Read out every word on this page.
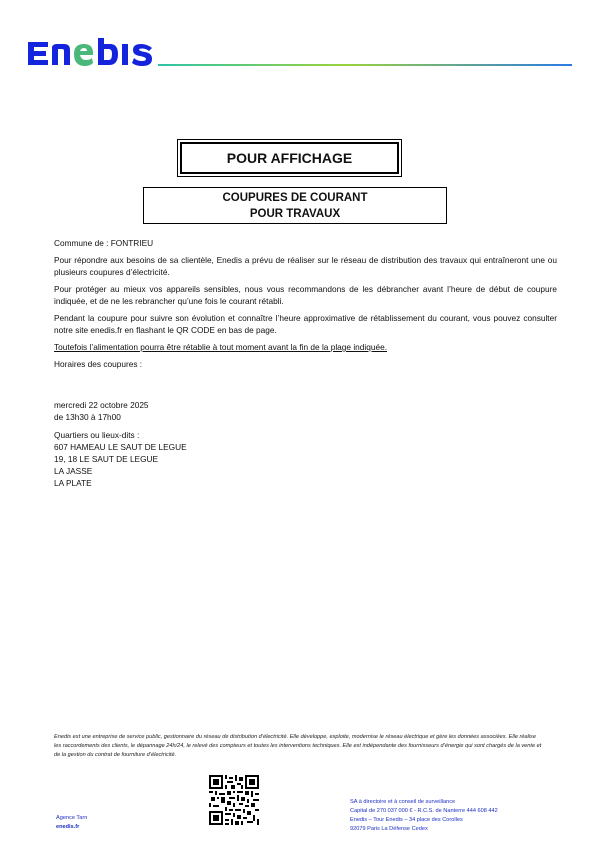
POUR AFFICHAGE
COUPURES DE COURANT
POUR TRAVAUX

Commune de : FONTRIEU

Pour répondre aux besoins de sa clientèle, Enedis a prévu de réaliser sur le réseau de distribution des travaux qui entraîneront une ou plusieurs coupures d’électricité.

Pour protéger au mieux vos appareils sensibles, nous vous recommandons de les débrancher avant l’heure de début de coupure indiquée, et de ne les rebrancher qu’une fois le courant rétabli.

Pendant la coupure pour suivre son évolution et connaître l’heure approximative de rétablissement du courant, vous pouvez consulter notre site enedis.fr en flashant le QR CODE en bas de page.

Toutefois l’alimentation pourra être rétablie à tout moment avant la fin de la plage indiquée.

Horaires des coupures :

mercredi 22 octobre 2025
de 13h30 à 17h00
Quartiers ou lieux-dits :
607 HAMEAU LE SAUT DE LEGUE
19, 18 LE SAUT DE LEGUE
LA JASSE
LA PLATE
Enedis est une entreprise de service public, gestionnaire du réseau de distribution d’électricité. Elle développe, exploite, modernise le réseau électrique et gère les données associées. Elle réalise les raccordements des clients, le dépannage 24h/24, le relevé des compteurs et toutes les interventions techniques. Elle est indépendante des fournisseurs d’énergie qui sont chargés de la vente et de la gestion du contrat de fourniture d’électricité.
Agence Tarn
enedis.fr
SA à directoire et à conseil de surveillance
Capital de 270 037 000 € - R.C.S. de Nanterre 444 608 442
Enedis – Tour Enedis – 34 place des Corolles
92079 Paris La Défense Cedex
